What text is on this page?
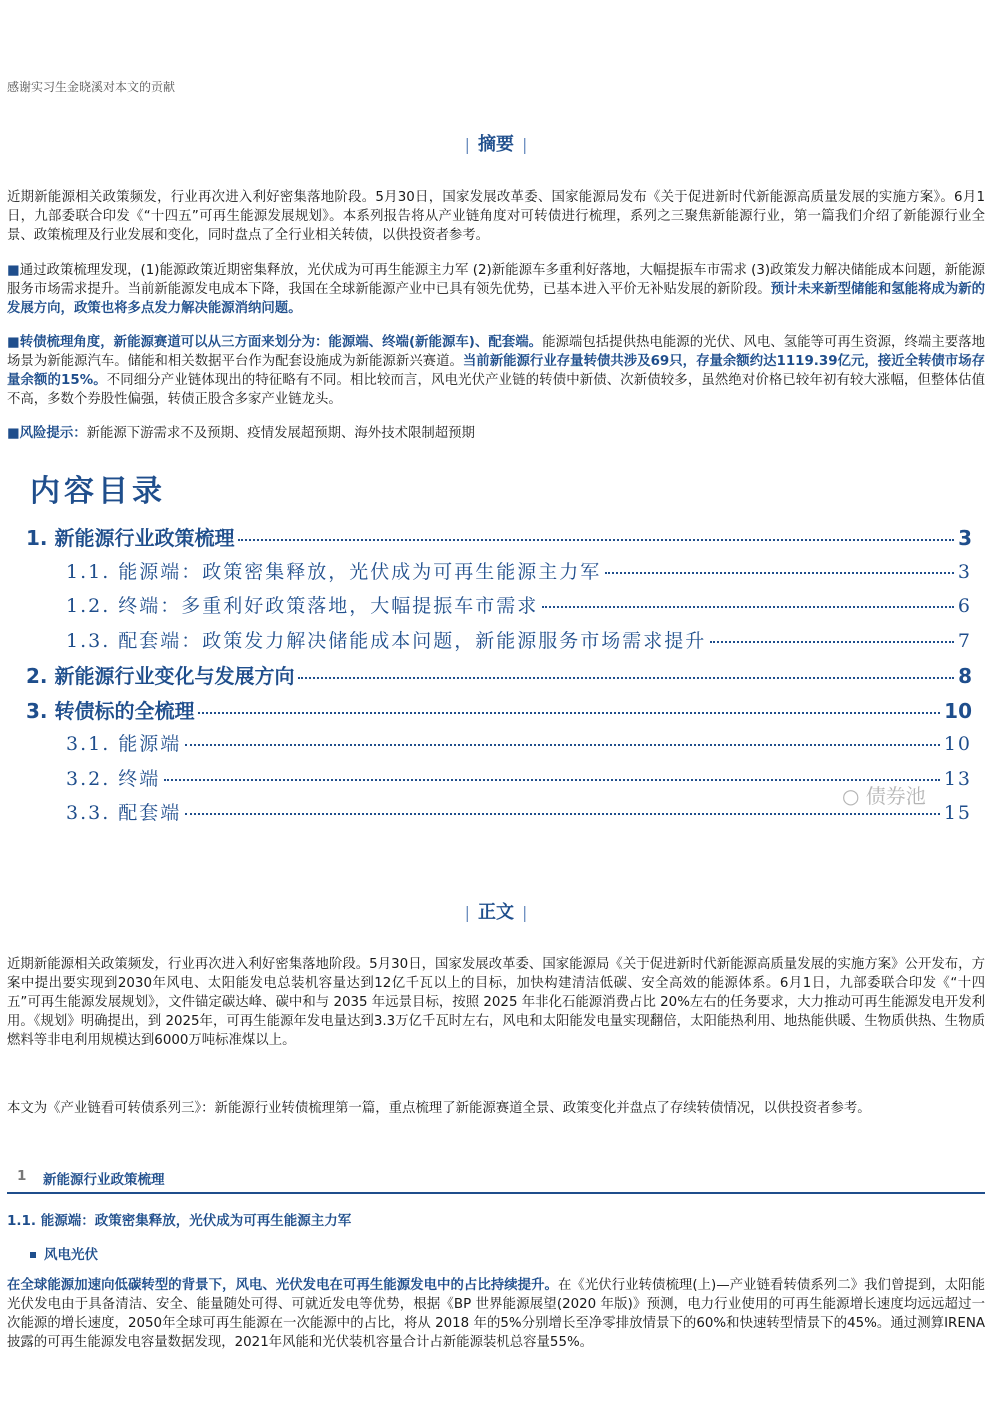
感谢实习生金晓溪对本文的贡献
| 摘要 |
近期新能源相关政策频发，行业再次进入利好密集落地阶段。5月30日，国家发展改革委、国家能源局发布《关于促进新时代新能源高质量发展的实施方案》。6月1日，九部委联合印发《“十四五”可再生能源发展规划》。本系列报告将从产业链角度对可转债进行梳理，系列之三聚焦新能源行业，第一篇我们介绍了新能源行业全景、政策梳理及行业发展和变化，同时盘点了全行业相关转债，以供投资者参考。
■通过政策梳理发现，(1)能源政策近期密集释放，光伏成为可再生能源主力军 (2)新能源车多重利好落地，大幅提振车市需求 (3)政策发力解决储能成本问题，新能源服务市场需求提升。当前新能源发电成本下降，我国在全球新能源产业中已具有领先优势，已基本进入平价无补贴发展的新阶段。预计未来新型储能和氢能将成为新的发展方向，政策也将多点发力解决能源消纳问题。
■转债梳理角度，新能源赛道可以从三方面来划分为：能源端、终端(新能源车)、配套端。能源端包括提供热电能源的光伏、风电、氢能等可再生资源，终端主要落地场景为新能源汽车。储能和相关数据平台作为配套设施成为新能源新兴赛道。当前新能源行业存量转债共涉及69只，存量余额约达1119.39亿元，接近全转债市场存量余额的15%。不同细分产业链体现出的特征略有不同。相比较而言，风电光伏产业链的转债中新债、次新债较多，虽然绝对价格已较年初有较大涨幅，但整体估值不高，多数个券股性偏强，转债正股含多家产业链龙头。
■风险提示：新能源下游需求不及预期、疫情发展超预期、海外技术限制超预期
内容目录
1. 新能源行业政策梳理	3
1.1. 能源端：政策密集释放，光伏成为可再生能源主力军	3
1.2. 终端：多重利好政策落地，大幅提振车市需求	6
1.3. 配套端：政策发力解决储能成本问题，新能源服务市场需求提升	7
2. 新能源行业变化与发展方向	8
3. 转债标的全梳理	10
3.1. 能源端	10
3.2. 终端	13
3.3. 配套端	15
○ 债券池
| 正文 |
近期新能源相关政策频发，行业再次进入利好密集落地阶段。5月30日，国家发展改革委、国家能源局《关于促进新时代新能源高质量发展的实施方案》公开发布，方案中提出要实现到2030年风电、太阳能发电总装机容量达到12亿千瓦以上的目标，加快构建清洁低碳、安全高效的能源体系。6月1日，九部委联合印发《“十四五”可再生能源发展规划》，文件锚定碳达峰、碳中和与 2035 年远景目标，按照 2025 年非化石能源消费占比 20%左右的任务要求，大力推动可再生能源发电开发利用。《规划》明确提出，到 2025年，可再生能源年发电量达到3.3万亿千瓦时左右，风电和太阳能发电量实现翻倍，太阳能热利用、地热能供暖、生物质供热、生物质燃料等非电利用规模达到6000万吨标准煤以上。
本文为《产业链看可转债系列三》：新能源行业转债梳理第一篇，重点梳理了新能源赛道全景、政策变化并盘点了存续转债情况，以供投资者参考。
1 新能源行业政策梳理
1.1. 能源端：政策密集释放，光伏成为可再生能源主力军
风电光伏
在全球能源加速向低碳转型的背景下，风电、光伏发电在可再生能源发电中的占比持续提升。在《光伏行业转债梳理(上)—产业链看转债系列二》我们曾提到，太阳能光伏发电由于具备清洁、安全、能量随处可得、可就近发电等优势，根据《BP 世界能源展望(2020 年版)》预测，电力行业使用的可再生能源增长速度均远远超过一次能源的增长速度，2050年全球可再生能源在一次能源中的占比，将从 2018 年的5%分别增长至净零排放情景下的60%和快速转型情景下的45%。通过测算IRENA披露的可再生能源发电容量数据发现，2021年风能和光伏装机容量合计占新能源装机总容量55%。
